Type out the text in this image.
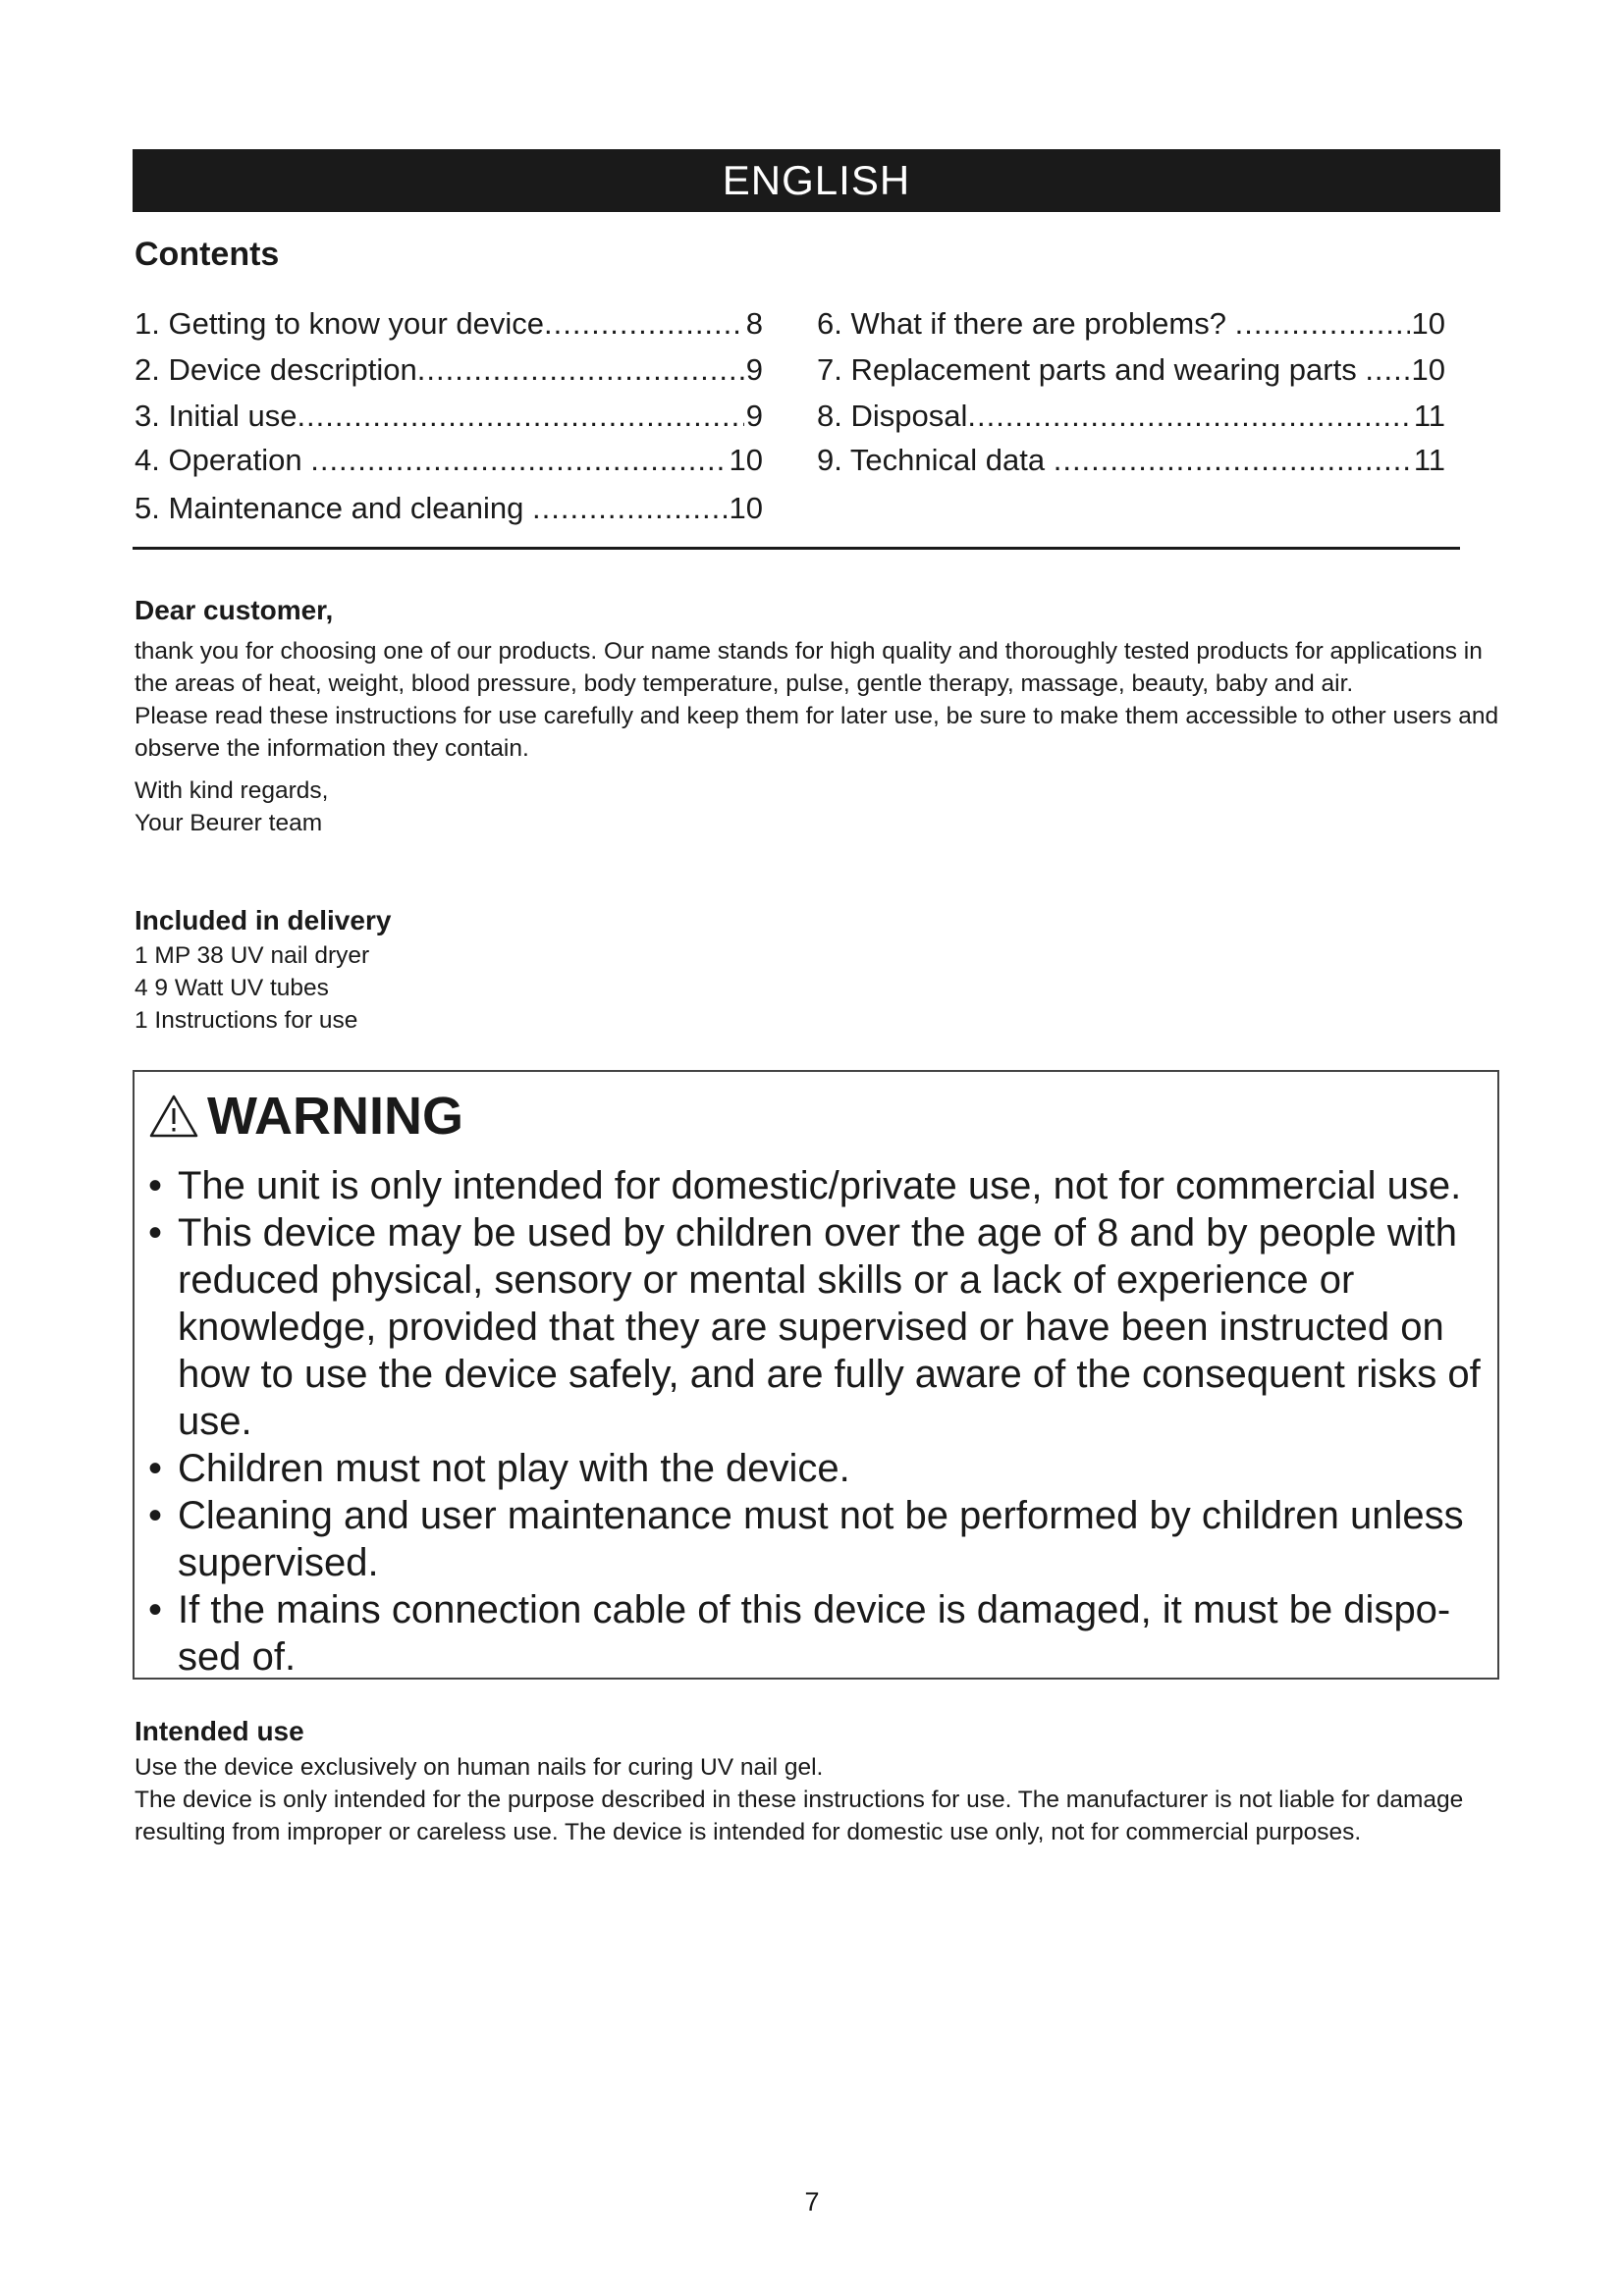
ENGLISH
Contents
1. Getting to know your device .....	8
2. Device description .....	9
3. Initial use .....	9
4. Operation .....	10
5. Maintenance and cleaning .....	10
6. What if there are problems? .....	10
7. Replacement parts and wearing parts ..... 10
8. Disposal .....	11
9. Technical data .....	11
Dear customer,

thank you for choosing one of our products. Our name stands for high quality and thoroughly tested products for applications in the areas of heat, weight, blood pressure, body temperature, pulse, gentle therapy, massage, beauty, baby and air.

Please read these instructions for use carefully and keep them for later use, be sure to make them accessible to other users and observe the information they contain.

With kind regards,

Your Beurer team

Included in delivery

1 MP 38 UV nail dryer

4 9 Watt UV tubes

1 Instructions for use

WARNING
• The unit is only intended for domestic/private use, not for commercial use.
• This device may be used by children over the age of 8 and by people with reduced physical, sensory or mental skills or a lack of experience or knowledge, provided that they are supervised or have been instructed on how to use the device safely, and are fully aware of the consequent risks of use.
• Children must not play with the device.
• Cleaning and user maintenance must not be performed by children unless supervised.
• If the mains connection cable of this device is damaged, it must be dispo-sed of.
Intended use

Use the device exclusively on human nails for curing UV nail gel.

The device is only intended for the purpose described in these instructions for use. The manufacturer is not liable for damage resulting from improper or careless use. The device is intended for domestic use only, not for commercial purposes.

7
